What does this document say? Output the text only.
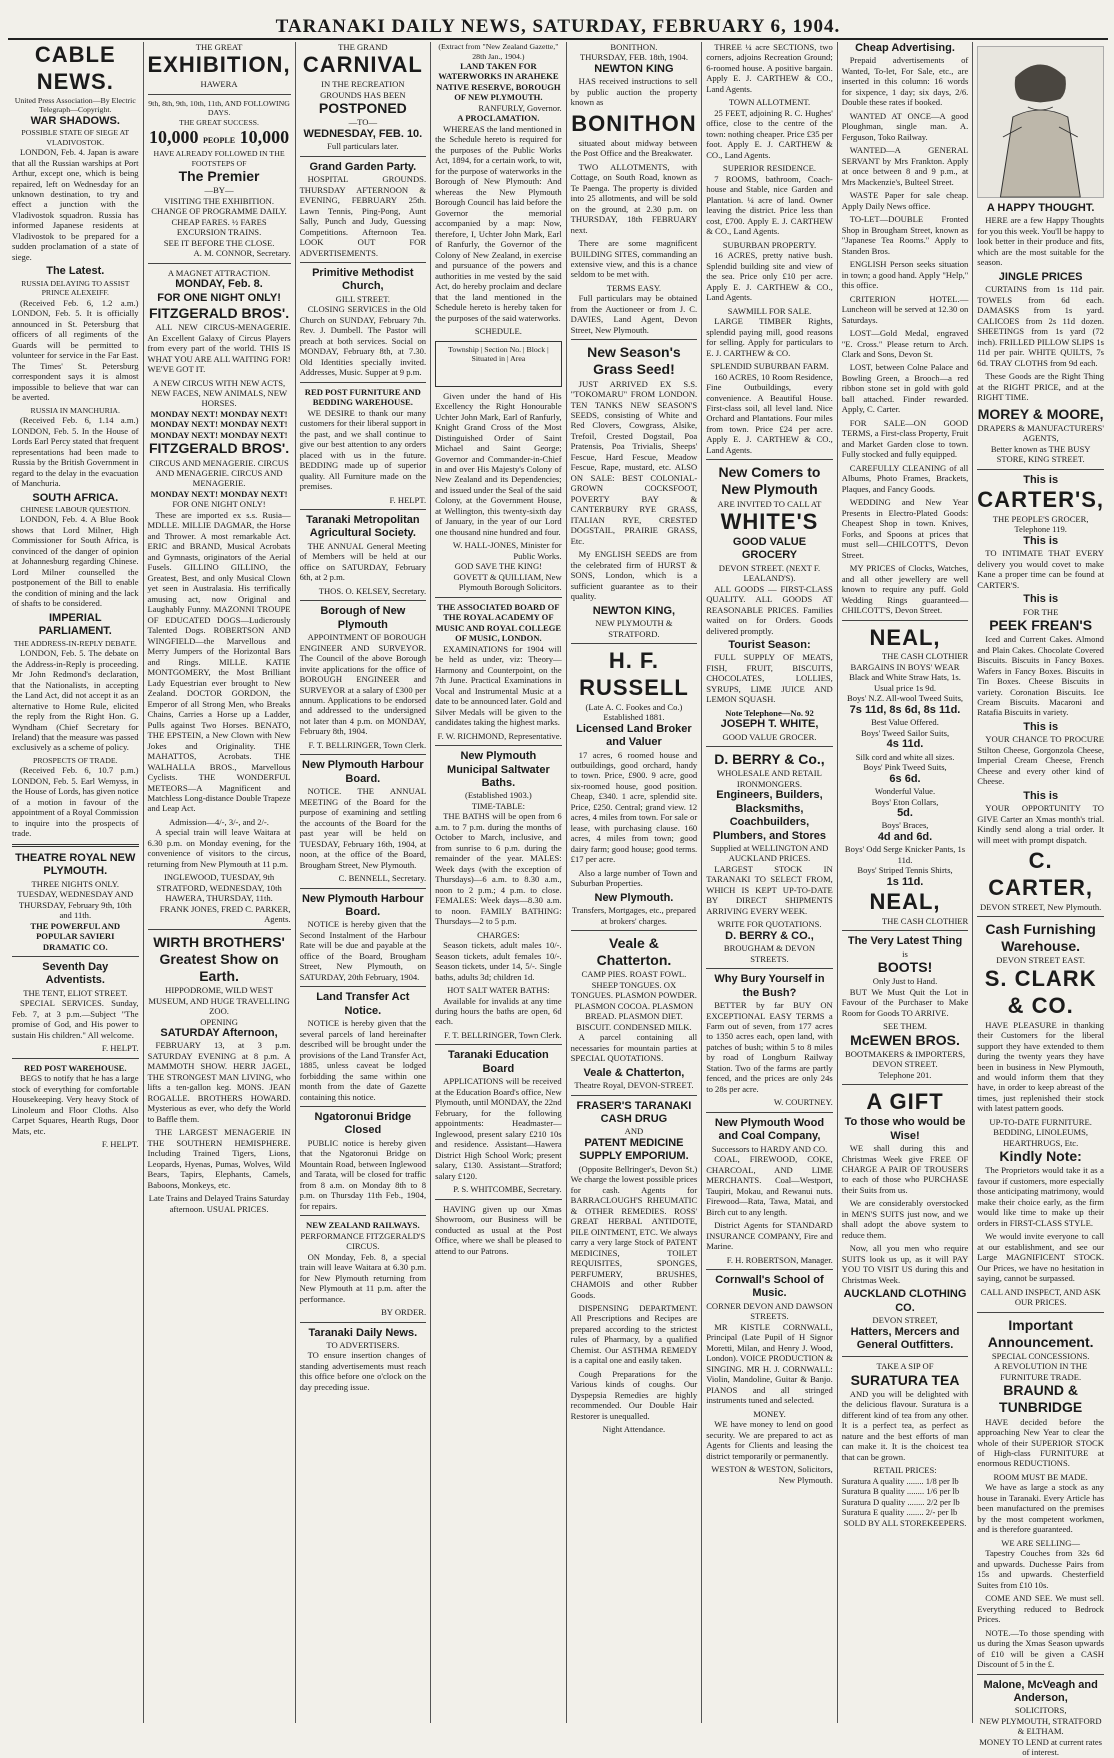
TARANAKI DAILY NEWS, SATURDAY, FEBRUARY 6, 1904.
CABLE NEWS.
United Press Association—By Electric Telegraph—Copyright.
WAR SHADOWS.
POSSIBLE STATE OF SIEGE AT VLADIVOSTOK.

LONDON, Feb. 4. Japan is aware that all the Russian warships at Port Arthur, except one, which is being repaired, left on Wednesday for an unknown destination, to try and effect a junction with the Vladivostok squadron. Russia has informed Japanese residents at Vladivostok to be prepared for a sudden proclamation of a state of siege.

The Latest.
RUSSIA DELAYING TO ASSIST PRINCE ALEXEIFF.

(Received Feb. 6, 1.2 a.m.) LONDON, Feb. 5. It is officially announced in St. Petersburg that officers of all regiments of the Guards will be permitted to volunteer for service in the Far East. The Times' St. Petersburg correspondent says it is almost impossible to believe that war can be averted.

RUSSIA IN MANCHURIA.

(Received Feb. 6, 1.14 a.m.) LONDON, Feb. 5. In the House of Lords Earl Percy stated that frequent representations had been made to Russia by the British Government in regard to the delay in the evacuation of Manchuria.

SOUTH AFRICA.
CHINESE LABOUR QUESTION.

LONDON, Feb. 4. A Blue Book shows that Lord Milner, High Commissioner for South Africa, is convinced of the danger of opinion at Johannesburg regarding Chinese. Lord Milner counselled the postponement of the Bill to enable the condition of mining and the lack of shafts to be considered.

IMPERIAL PARLIAMENT.
THE ADDRESS-IN-REPLY DEBATE.

LONDON, Feb. 5. The debate on the Address-in-Reply is proceeding. Mr John Redmond's declaration, that the Nationalists, in accepting the Land Act, did not accept it as an alternative to Home Rule, elicited the reply from the Right Hon. G. Wyndham (Chief Secretary for Ireland) that the measure was passed exclusively as a scheme of policy.

PROSPECTS OF TRADE.

(Received Feb. 6, 10.7 p.m.) LONDON, Feb. 5. Earl Wemyss, in the House of Lords, has given notice of a motion in favour of the appointment of a Royal Commission to inquire into the prospects of trade.

THEATRE ROYAL NEW PLYMOUTH.
THREE NIGHTS ONLY.
TUESDAY, WEDNESDAY AND THURSDAY, February 9th, 10th and 11th.
THE POWERFUL AND POPULAR SAVIERI DRAMATIC CO.
Seventh Day Adventists.
THE TENT, ELIOT STREET.

SPECIAL SERVICES. Sunday, Feb. 7, at 3 p.m.—Subject "The promise of God, and His power to sustain His children." All welcome.

F. HELPT.
RED POST WAREHOUSE.

BEGS to notify that he has a large stock of everything for comfortable Housekeeping. Very heavy Stock of Linoleum and Floor Cloths. Also Carpet Squares, Hearth Rugs, Door Mats, etc.

F. HELPT.
THE GREAT
EXHIBITION,
HAWERA
9th, 8th, 9th, 10th, 11th, AND FOLLOWING DAYS.
THE GREAT SUCCESS.
10,000 PEOPLE 10,000
HAVE ALREADY FOLLOWED IN THE FOOTSTEPS OF
The Premier
—BY—
VISITING THE EXHIBITION.
CHANGE OF PROGRAMME DAILY.
CHEAP FARES. ½ FARES
EXCURSION TRAINS.
SEE IT BEFORE THE CLOSE.
A. M. CONNOR, Secretary.
A MAGNET ATTRACTION.
MONDAY, Feb. 8.
FOR ONE NIGHT ONLY!
FITZGERALD BROS'.

ALL NEW CIRCUS-MENAGERIE. An Excellent Galaxy of Circus Players from every part of the world. THIS IS WHAT YOU ARE ALL WAITING FOR! WE'VE GOT IT.

A NEW CIRCUS WITH NEW ACTS, NEW FACES, NEW ANIMALS, NEW HORSES.
MONDAY NEXT! MONDAY NEXT! MONDAY NEXT! MONDAY NEXT! MONDAY NEXT! MONDAY NEXT!
FITZGERALD BROS'.
CIRCUS AND MENAGERIE. CIRCUS AND MENAGERIE. CIRCUS AND MENAGERIE.
MONDAY NEXT! MONDAY NEXT!
FOR ONE NIGHT ONLY!

These are imported ex s.s. Rusia—MDLLE. MILLIE DAGMAR, the Horse and Thrower. A most remarkable Act. ERIC and BRAND, Musical Acrobats and Gymnasts, originators of the Aerial Fusels. GILLINO GILLINO, the Greatest, Best, and only Musical Clown yet seen in Australasia. His terrifically amusing act, now Original and Laughably Funny. MAZONNI TROUPE OF EDUCATED DOGS—Ludicrously Talented Dogs. ROBERTSON AND WINGFIELD—the Marvellous and Merry Jumpers of the Horizontal Bars and Rings. MILLE. KATIE MONTGOMERY, the Most Brilliant Lady Equestrian ever brought to New Zealand. DOCTOR GORDON, the Emperor of all Strong Men, who Breaks Chains, Carries a Horse up a Ladder, Pulls against Two Horses. BENATO, THE EPSTEIN, a New Clown with New Jokes and Originality. THE MAHATTOS, Acrobats. THE WALHALLA BROS., Marvellous Cyclists. THE WONDERFUL METEORS—A Magnificent and Matchless Long-distance Double Trapeze and Leap Act.

Admission—4/-, 3/-, and 2/-.

A special train will leave Waitara at 6.30 p.m. on Monday evening, for the convenience of visitors to the circus, returning from New Plymouth at 11 p.m.

INGLEWOOD, TUESDAY, 9th STRATFORD, WEDNESDAY, 10th HAWERA, THURSDAY, 11th.
FRANK JONES, FRED C. PARKER, Agents.
WIRTH BROTHERS' Greatest Show on Earth.
HIPPODROME, WILD WEST MUSEUM, AND HUGE TRAVELLING ZOO.
OPENING
SATURDAY Afternoon,

FEBRUARY 13, at 3 p.m. SATURDAY EVENING at 8 p.m. A MAMMOTH SHOW. HERR JAGEL, THE STRONGEST MAN LIVING, who lifts a ten-gallon keg. MONS. JEAN ROGALLE. BROTHERS HOWARD. Mysterious as ever, who defy the World to Baffle them.

THE LARGEST MENAGERIE IN THE SOUTHERN HEMISPHERE. Including Trained Tigers, Lions, Leopards, Hyenas, Pumas, Wolves, Wild Bears, Tapirs, Elephants, Camels, Baboons, Monkeys, etc.

Late Trains and Delayed Trains Saturday afternoon. USUAL PRICES.
THE GRAND
CARNIVAL
IN THE RECREATION GROUNDS HAS BEEN
POSTPONED
—TO—
WEDNESDAY, FEB. 10.
Full particulars later.
Grand Garden Party.

HOSPITAL GROUNDS. THURSDAY AFTERNOON & EVENING, FEBRUARY 25th. Lawn Tennis, Ping-Pong, Aunt Sally, Punch and Judy, Guessing Competitions. Afternoon Tea. LOOK OUT FOR ADVERTISEMENTS.

Primitive Methodist Church,
GILL STREET.

CLOSING SERVICES in the Old Church on SUNDAY, February 7th. Rev. J. Dumbell. The Pastor will preach at both services. Social on MONDAY, February 8th, at 7.30. Old Identities specially invited. Addresses, Music. Supper at 9 p.m.

RED POST FURNITURE AND BEDDING WAREHOUSE.

WE DESIRE to thank our many customers for their liberal support in the past, and we shall continue to give our best attention to any orders placed with us in the future. BEDDING made up of superior quality. All Furniture made on the premises.

F. HELPT.
Taranaki Metropolitan Agricultural Society.

THE ANNUAL General Meeting of Members will be held at our office on SATURDAY, February 6th, at 2 p.m.

THOS. O. KELSEY, Secretary.
Borough of New Plymouth

APPOINTMENT OF BOROUGH ENGINEER AND SURVEYOR. The Council of the above Borough invite applications for the office of BOROUGH ENGINEER and SURVEYOR at a salary of £300 per annum. Applications to be endorsed and addressed to the undersigned not later than 4 p.m. on MONDAY, February 8th, 1904.

F. T. BELLRINGER, Town Clerk.
New Plymouth Harbour Board.

NOTICE. THE ANNUAL MEETING of the Board for the purpose of examining and settling the accounts of the Board for the past year will be held on TUESDAY, February 16th, 1904, at noon, at the office of the Board, Brougham Street, New Plymouth.

C. BENNELL, Secretary.
New Plymouth Harbour Board.

NOTICE is hereby given that the Second Instalment of the Harbour Rate will be due and payable at the office of the Board, Brougham Street, New Plymouth, on SATURDAY, 20th February, 1904.

Land Transfer Act Notice.

NOTICE is hereby given that the several parcels of land hereinafter described will be brought under the provisions of the Land Transfer Act, 1885, unless caveat be lodged forbidding the same within one month from the date of Gazette containing this notice.

Ngatoronui Bridge Closed

PUBLIC notice is hereby given that the Ngatoronui Bridge on Mountain Road, between Inglewood and Tarata, will be closed for traffic from 8 a.m. on Monday 8th to 8 p.m. on Thursday 11th Feb., 1904, for repairs.

NEW ZEALAND RAILWAYS.
PERFORMANCE FITZGERALD'S CIRCUS.

ON Monday, Feb. 8, a special train will leave Waitara at 6.30 p.m. for New Plymouth returning from New Plymouth at 11 p.m. after the performance.

BY ORDER.
Taranaki Daily News.
TO ADVERTISERS.

TO ensure insertion changes of standing advertisements must reach this office before one o'clock on the day preceding issue.

(Extract from "New Zealand Gazette," 28th Jan., 1904.)
LAND TAKEN FOR WATERWORKS IN ARAHEKE NATIVE RESERVE, BOROUGH OF NEW PLYMOUTH.
RANFURLY, Governor.
A PROCLAMATION.

WHEREAS the land mentioned in the Schedule hereto is required for the purposes of the Public Works Act, 1894, for a certain work, to wit, for the purpose of waterworks in the Borough of New Plymouth: And whereas the New Plymouth Borough Council has laid before the Governor the memorial accompanied by a map: Now, therefore, I, Uchter John Mark, Earl of Ranfurly, the Governor of the Colony of New Zealand, in exercise and pursuance of the powers and authorities in me vested by the said Act, do hereby proclaim and declare that the land mentioned in the Schedule hereto is hereby taken for the purposes of the said waterworks.

SCHEDULE.
Township | Section No. | Block | Situated in | Area

Given under the hand of His Excellency the Right Honourable Uchter John Mark, Earl of Ranfurly, Knight Grand Cross of the Most Distinguished Order of Saint Michael and Saint George; Governor and Commander-in-Chief in and over His Majesty's Colony of New Zealand and its Dependencies; and issued under the Seal of the said Colony, at the Government House, at Wellington, this twenty-sixth day of January, in the year of our Lord one thousand nine hundred and four.

W. HALL-JONES, Minister for Public Works.
GOD SAVE THE KING!
GOVETT & QUILLIAM, New Plymouth Borough Solicitors.
THE ASSOCIATED BOARD OF THE ROYAL ACADEMY OF MUSIC AND ROYAL COLLEGE OF MUSIC, LONDON.

EXAMINATIONS for 1904 will be held as under, viz: Theory—Harmony and Counterpoint, on the 7th June. Practical Examinations in Vocal and Instrumental Music at a date to be announced later. Gold and Silver Medals will be given to the candidates taking the highest marks.

F. W. RICHMOND, Representative.
New Plymouth Municipal Saltwater Baths.
(Established 1903.)
TIME-TABLE:

THE BATHS will be open from 6 a.m. to 7 p.m. during the months of October to March, inclusive, and from sunrise to 6 p.m. during the remainder of the year. MALES: Week days (with the exception of Thursdays)—6 a.m. to 8.30 a.m., noon to 2 p.m.; 4 p.m. to close. FEMALES: Week days—8.30 a.m. to noon. FAMILY BATHING: Thursdays—2 to 5 p.m.

CHARGES:

Season tickets, adult males 10/-. Season tickets, adult females 10/-. Season tickets, under 14, 5/-. Single baths, adults 3d; children 1d.

HOT SALT WATER BATHS:

Available for invalids at any time during hours the baths are open, 6d each.

F. T. BELLRINGER, Town Clerk.
Taranaki Education Board

APPLICATIONS will be received at the Education Board's office, New Plymouth, until MONDAY, the 22nd February, for the following appointments: Headmaster—Inglewood, present salary £210 10s and residence. Assistant—Hawera District High School Work; present salary, £130. Assistant—Stratford; salary £120.

P. S. WHITCOMBE, Secretary.

HAVING given up our Xmas Showroom, our Business will be conducted as usual at the Post Office, where we shall be pleased to attend to our Patrons.

BONITHON.
THURSDAY, FEB. 18th, 1904.
NEWTON KING

HAS received instructions to sell by public auction the property known as

BONITHON

situated about midway between the Post Office and the Breakwater.

TWO ALLOTMENTS, with Cottage, on South Road, known as Te Paenga. The property is divided into 25 allotments, and will be sold on the ground, at 2.30 p.m. on THURSDAY, 18th FEBRUARY next.

There are some magnificent BUILDING SITES, commanding an extensive view, and this is a chance seldom to be met with.

TERMS EASY.

Full particulars may be obtained from the Auctioneer or from J. C. DAVIES, Land Agent, Devon Street, New Plymouth.

New Season's Grass Seed!

JUST ARRIVED EX S.S. "TOKOMARU" FROM LONDON. TEN TANKS NEW SEASON'S SEEDS, consisting of White and Red Clovers, Cowgrass, Alsike, Trefoil, Crested Dogstail, Poa Pratensis, Poa Trivialis, Sheeps' Fescue, Hard Fescue, Meadow Fescue, Rape, mustard, etc. ALSO ON SALE: BEST COLONIAL-GROWN COCKSFOOT, POVERTY BAY & CANTERBURY RYE GRASS, ITALIAN RYE, CRESTED DOGSTAIL, PRAIRIE GRASS, Etc.

My ENGLISH SEEDS are from the celebrated firm of HURST & SONS, London, which is a sufficient guarantee as to their quality.

NEWTON KING,
NEW PLYMOUTH & STRATFORD.
H. F. RUSSELL
(Late A. C. Fookes and Co.) Established 1881.
Licensed Land Broker and Valuer

17 acres, 6 roomed house and outbuildings, good orchard, handy to town. Price, £900. 9 acre, good six-roomed house, good position. Cheap, £340. 1 acre, splendid site. Price, £250. Central; grand view. 12 acres, 4 miles from town. For sale or lease, with purchasing clause. 160 acres, 4 miles from town; good dairy farm; good house; good terms. £17 per acre.

Also a large number of Town and Suburban Properties.

New Plymouth.
Transfers, Mortgages, etc., prepared at brokers' charges.
Veale & Chatterton.
CAMP PIES. ROAST FOWL. SHEEP TONGUES. OX TONGUES. PLASMON POWDER. PLASMON COCOA. PLASMON BREAD. PLASMON DIET. BISCUIT. CONDENSED MILK.

A parcel containing all necessaries for mountain parties at SPECIAL QUOTATIONS.

Veale & Chatterton,
Theatre Royal, DEVON-STREET.
FRASER'S TARANAKI CASH DRUG
AND
PATENT MEDICINE SUPPLY EMPORIUM.

(Opposite Bellringer's, Devon St.) We charge the lowest possible prices for cash. Agents for BARRACLOUGH'S RHEUMATIC & OTHER REMEDIES. ROSS' GREAT HERBAL ANTIDOTE, PILE OINTMENT, ETC. We always carry a very large Stock of PATENT MEDICINES, TOILET REQUISITES, SPONGES, PERFUMERY, BRUSHES, CHAMOIS and other Rubber Goods.

DISPENSING DEPARTMENT. All Prescriptions and Recipes are prepared according to the strictest rules of Pharmacy, by a qualified Chemist. Our ASTHMA REMEDY is a capital one and easily taken.

Cough Preparations for the Various kinds of coughs. Our Dyspepsia Remedies are highly recommended. Our Double Hair Restorer is unequalled.

Night Attendance.

THREE ¼ acre SECTIONS, two corners, adjoins Recreation Ground; 6-roomed house. A positive bargain. Apply E. J. CARTHEW & CO., Land Agents.

TOWN ALLOTMENT.

25 FEET, adjoining R. C. Hughes' office, close to the centre of the town: nothing cheaper. Price £35 per foot. Apply E. J. CARTHEW & CO., Land Agents.

SUPERIOR RESIDENCE.

7 ROOMS, bathroom, Coach-house and Stable, nice Garden and Plantation. ¼ acre of land. Owner leaving the district. Price less than cost, £700. Apply E. J. CARTHEW & CO., Land Agents.

SUBURBAN PROPERTY.

16 ACRES, pretty native bush. Splendid building site and view of the sea. Price only £10 per acre. Apply E. J. CARTHEW & CO., Land Agents.

SAWMILL FOR SALE.

LARGE TIMBER Rights, splendid paying mill, good reasons for selling. Apply for particulars to E. J. CARTHEW & CO.

SPLENDID SUBURBAN FARM.

160 ACRES, 10 Room Residence, Fine Outbuildings, every convenience. A Beautiful House. First-class soil, all level land. Nice Orchard and Plantations. Four miles from town. Price £24 per acre. Apply E. J. CARTHEW & CO., Land Agents.

New Comers to New Plymouth
ARE INVITED TO CALL AT
WHITE'S
GOOD VALUE GROCERY
DEVON STREET. (NEXT F. LEALAND'S).

ALL GOODS — FIRST-CLASS QUALITY. ALL GOODS AT REASONABLE PRICES. Families waited on for Orders. Goods delivered promptly.

Tourist Season:

FULL SUPPLY OF MEATS, FISH, FRUIT, BISCUITS, CHOCOLATES, LOLLIES, SYRUPS, LIME JUICE AND LEMON SQUASH.

Note Telephone—No. 92
JOSEPH T. WHITE,
GOOD VALUE GROCER.
D. BERRY & Co.,
WHOLESALE AND RETAIL IRONMONGERS.
Engineers, Builders, Blacksmiths, Coachbuilders, Plumbers, and Stores
Supplied at WELLINGTON AND AUCKLAND PRICES.

LARGEST STOCK IN TARANAKI TO SELECT FROM, WHICH IS KEPT UP-TO-DATE BY DIRECT SHIPMENTS ARRIVING EVERY WEEK.

WRITE FOR QUOTATIONS.
D. BERRY & CO.,
BROUGHAM & DEVON STREETS.
Why Bury Yourself in the Bush?

BETTER by far BUY ON EXCEPTIONAL EASY TERMS a Farm out of seven, from 177 acres to 1350 acres each, open land, with patches of bush; within 5 to 8 miles by road of Longburn Railway Station. Two of the farms are partly fenced, and the prices are only 24s to 28s per acre.

W. COURTNEY.
New Plymouth Wood and Coal Company,
Successors to HARDY AND CO.

COAL, FIREWOOD, COKE, CHARCOAL, AND LIME MERCHANTS. Coal—Westport, Taupiri, Mokau, and Rewanui nuts. Firewood—Rata, Tawa, Matai, and Birch cut to any length.

District Agents for STANDARD INSURANCE COMPANY, Fire and Marine.

F. H. ROBERTSON, Manager.
Cornwall's School of Music.
CORNER DEVON AND DAWSON STREETS.

MR KISTLE CORNWALL, Principal (Late Pupil of H Signor Moretti, Milan, and Henry J. Wood, London). VOICE PRODUCTION & SINGING. MR H. J. CORNWALL: Violin, Mandoline, Guitar & Banjo. PIANOS and all stringed instruments tuned and selected.

MONEY.

WE have money to lend on good security. We are prepared to act as Agents for Clients and leasing the district temporarily or permanently.

WESTON & WESTON, Solicitors, New Plymouth.
Cheap Advertising.

Prepaid advertisements of Wanted, To-let, For Sale, etc., are inserted in this column: 16 words for sixpence, 1 day; six days, 2/6. Double these rates if booked.

WANTED AT ONCE—A good Ploughman, single man. A. Ferguson, Toko Railway.

WANTED—A GENERAL SERVANT by Mrs Frankton. Apply at once between 8 and 9 p.m., at Mrs Mackenzie's, Bulteel Street.

WASTE Paper for sale cheap. Apply Daily News office.

TO-LET—DOUBLE Fronted Shop in Brougham Street, known as "Japanese Tea Rooms." Apply to Standen Bros.

ENGLISH Person seeks situation in town; a good hand. Apply "Help," this office.

CRITERION HOTEL.—Luncheon will be served at 12.30 on Saturdays.

LOST—Gold Medal, engraved "E. Cross." Please return to Arch. Clark and Sons, Devon St.

LOST, between Colne Palace and Bowling Green, a Brooch—a red ribbon stone set in gold with gold ball attached. Finder rewarded. Apply, C. Carter.

FOR SALE—ON GOOD TERMS, a First-class Property, Fruit and Market Garden close to town. Fully stocked and fully equipped.

CAREFULLY CLEANING of all Albums, Photo Frames, Brackets, Plaques, and Fancy Goods.

WEDDING and New Year Presents in Electro-Plated Goods: Cheapest Shop in town. Knives, Forks, and Spoons at prices that must sell—CHILCOTT'S, Devon Street.

MY PRICES of Clocks, Watches, and all other jewellery are well known to require any puff. Gold Wedding Rings guaranteed—CHILCOTT'S, Devon Street.

NEAL,
THE CASH CLOTHIER
BARGAINS IN BOYS' WEAR
Black and White Straw Hats, 1s.
Usual price 1s 9d.
Boys' N.Z. All-wool Tweed Suits,
7s 11d, 8s 6d, 8s 11d.
Best Value Offered.
Boys' Tweed Sailor Suits,
4s 11d.
Silk cord and white all sizes.
Boys' Pink Tweed Suits,
6s 6d.
Wonderful Value.
Boys' Eton Collars,
5d.
Boys' Braces,
4d and 6d.
Boys' Odd Serge Knicker Pants, 1s 11d.
Boys' Striped Tennis Shirts,
1s 11d.
NEAL,
THE CASH CLOTHIER
The Very Latest Thing
is
BOOTS!
Only Just to Hand.

BUT We Must Quit the Lot in Favour of the Purchaser to Make Room for Goods TO ARRIVE.

SEE THEM.
McEWEN BROS.
BOOTMAKERS & IMPORTERS, DEVON STREET.
Telephone 201.
A GIFT
To those who would be Wise!

WE shall during this and Christmas Week give FREE OF CHARGE A PAIR OF TROUSERS to each of those who PURCHASE their Suits from us.

We are considerably overstocked in MEN'S SUITS just now, and we shall adopt the above system to reduce them.

Now, all you men who require SUITS look us up, as it will PAY YOU TO VISIT US during this and Christmas Week.

AUCKLAND CLOTHING CO.
DEVON STREET,
Hatters, Mercers and General Outfitters.
TAKE A SIP OF
SURATURA TEA

AND you will be delighted with the delicious flavour. Suratura is a different kind of tea from any other. It is a perfect tea, as perfect as nature and the best efforts of man can make it. It is the choicest tea that can be grown.

RETAIL PRICES:
Suratura A quality ........ 1/8 per lb
Suratura B quality ........ 1/6 per lb
Suratura D quality ........ 2/2 per lb
Suratura E quality ........ 2/- per lb
SOLD BY ALL STOREKEEPERS.
A HAPPY THOUGHT.

HERE are a few Happy Thoughts for you this week. You'll be happy to look better in their produce and fits, which are the most suitable for the season.

JINGLE PRICES

CURTAINS from 1s 11d pair. TOWELS from 6d each. DAMASKS from 1s yard. CALICOES from 2s 11d dozen. SHEETINGS from 1s yard (72 inch). FRILLED PILLOW SLIPS 1s 11d per pair. WHITE QUILTS, 7s 6d. TRAY CLOTHS from 9d each.

These Goods are the Right Thing at the RIGHT PRICE, and at the RIGHT TIME.

MOREY & MOORE,
DRAPERS & MANUFACTURERS' AGENTS,
Better known as THE BUSY STORE, KING STREET.
This is
CARTER'S,
THE PEOPLE'S GROCER,
Telephone 119.
This is

TO INTIMATE THAT EVERY delivery you would covet to make Kane a proper time can be found at CARTER'S.

This is
FOR THE
PEEK FREAN'S

Iced and Current Cakes. Almond and Plain Cakes. Chocolate Covered Biscuits. Biscuits in Fancy Boxes. Wafers in Fancy Boxes. Biscuits in Tin Boxes. Cheese Biscuits in variety. Coronation Biscuits. Ice Cream Biscuits. Macaroni and Ratafia Biscuits in variety.

This is

YOUR CHANCE TO PROCURE Stilton Cheese, Gorgonzola Cheese, Imperial Cream Cheese, French Cheese and every other kind of Cheese.

This is

YOUR OPPORTUNITY TO GIVE Carter an Xmas month's trial. Kindly send along a trial order. It will meet with prompt dispatch.

C. CARTER,
DEVON STREET, New Plymouth.
Cash Furnishing Warehouse.
DEVON STREET EAST.
S. CLARK & CO.

HAVE PLEASURE in thanking their Customers for the liberal support they have extended to them during the twenty years they have been in business in New Plymouth, and would inform them that they have, in order to keep abreast of the times, just replenished their stock with latest pattern goods.

UP-TO-DATE FURNITURE. BEDDING, LINOLEUMS, HEARTHRUGS, Etc.
Kindly Note:

The Proprietors would take it as a favour if customers, more especially those anticipating matrimony, would make their choice early, as the firm would like time to make up their orders in FIRST-CLASS STYLE.

We would invite everyone to call at our establishment, and see our Large MAGNIFICENT STOCK. Our Prices, we have no hesitation in saying, cannot be surpassed.

CALL AND INSPECT, AND ASK OUR PRICES.
Important Announcement.
SPECIAL CONCESSIONS.
A REVOLUTION IN THE FURNITURE TRADE.
BRAUND & TUNBRIDGE

HAVE decided before the approaching New Year to clear the whole of their SUPERIOR STOCK of High-class FURNITURE at enormous REDUCTIONS.

ROOM MUST BE MADE.

We have as large a stock as any house in Taranaki. Every Article has been manufactured on the premises by the most competent workmen, and is therefore guaranteed.

WE ARE SELLING—

Tapestry Couches from 32s 6d and upwards. Duchesse Pairs from 15s and upwards. Chesterfield Suites from £10 10s.

COME AND SEE. We must sell. Everything reduced to Bedrock Prices.

NOTE.—To those spending with us during the Xmas Season upwards of £10 will be given a CASH Discount of 5 in the £.

Malone, McVeagh and Anderson,
SOLICITORS,
NEW PLYMOUTH, STRATFORD & ELTHAM.
MONEY TO LEND at current rates of interest.
